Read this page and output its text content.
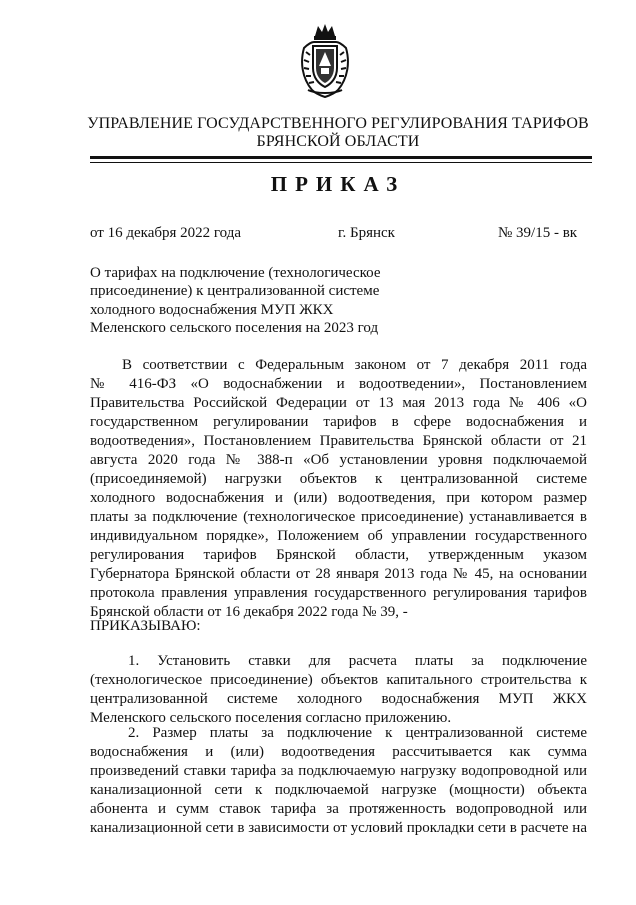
УПРАВЛЕНИЕ ГОСУДАРСТВЕННОГО РЕГУЛИРОВАНИЯ ТАРИФОВ
БРЯНСКОЙ ОБЛАСТИ
ПРИКАЗ
от 16 декабря 2022 года	г. Брянск	№ 39/15 - вк
О тарифах на подключение (технологическое
присоединение) к централизованной системе
холодного водоснабжения МУП ЖКХ
Меленского сельского поселения на 2023 год
В соответствии с Федеральным законом от 7 декабря 2011 года
№ 416-ФЗ «О водоснабжении и водоотведении», Постановлением
Правительства Российской Федерации от 13 мая 2013 года № 406 «О
государственном регулировании тарифов в сфере водоснабжения и
водоотведения», Постановлением Правительства Брянской области от 21
августа 2020 года № 388-п «Об установлении уровня подключаемой
(присоединяемой) нагрузки объектов к централизованной системе
холодного водоснабжения и (или) водоотведения, при котором размер
платы за подключение (технологическое присоединение) устанавливается в
индивидуальном порядке», Положением об управлении государственного
регулирования тарифов Брянской области, утвержденным указом
Губернатора Брянской области от 28 января 2013 года № 45, на основании
протокола правления управления государственного регулирования тарифов
Брянской области от 16 декабря 2022 года № 39, -
ПРИКАЗЫВАЮ:
1. Установить ставки для расчета платы за подключение
(технологическое присоединение) объектов капитального строительства к
централизованной системе холодного водоснабжения МУП ЖКХ
Меленского сельского поселения согласно приложению.
2. Размер платы за подключение к централизованной системе
водоснабжения и (или) водоотведения рассчитывается как сумма
произведений ставки тарифа за подключаемую нагрузку водопроводной или
канализационной сети к подключаемой нагрузке (мощности) объекта
абонента и сумм ставок тарифа за протяженность водопроводной или
канализационной сети в зависимости от условий прокладки сети в расчете на
